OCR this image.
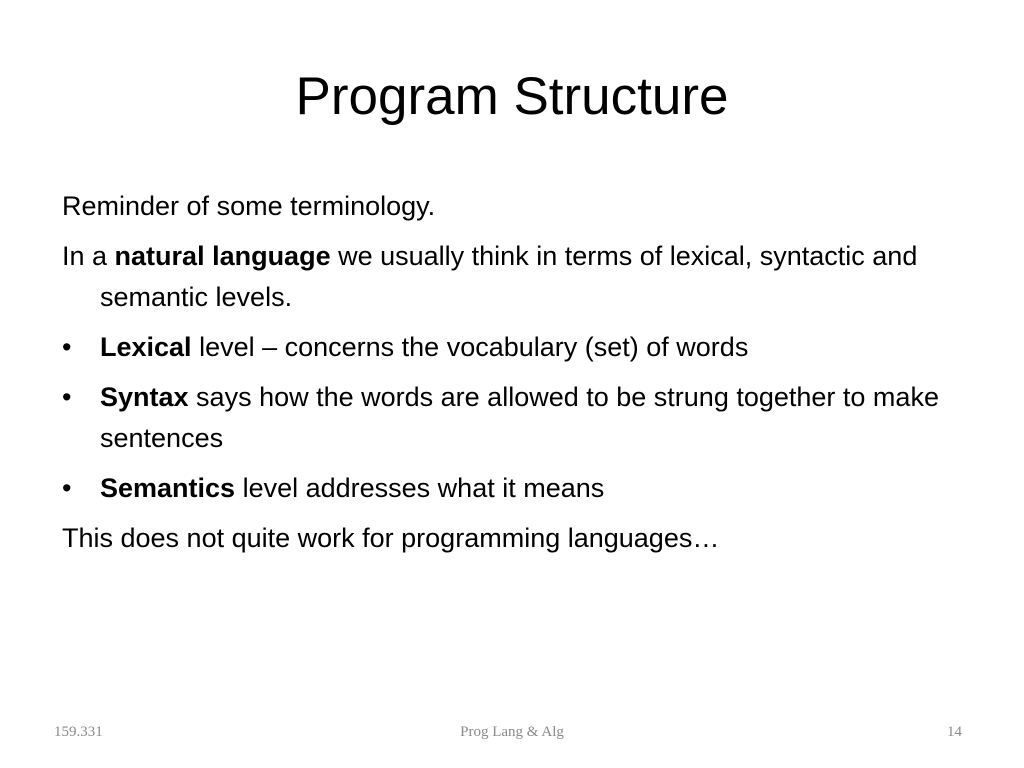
Program Structure
Reminder of some terminology.
In a natural language we usually think in terms of lexical, syntactic and semantic levels.
•	Lexical level – concerns the vocabulary (set) of words
•	Syntax says how the words are allowed to be strung together to make sentences
•	Semantics level addresses what it means
This does not quite work for programming languages…
159.331	Prog Lang & Alg	14
